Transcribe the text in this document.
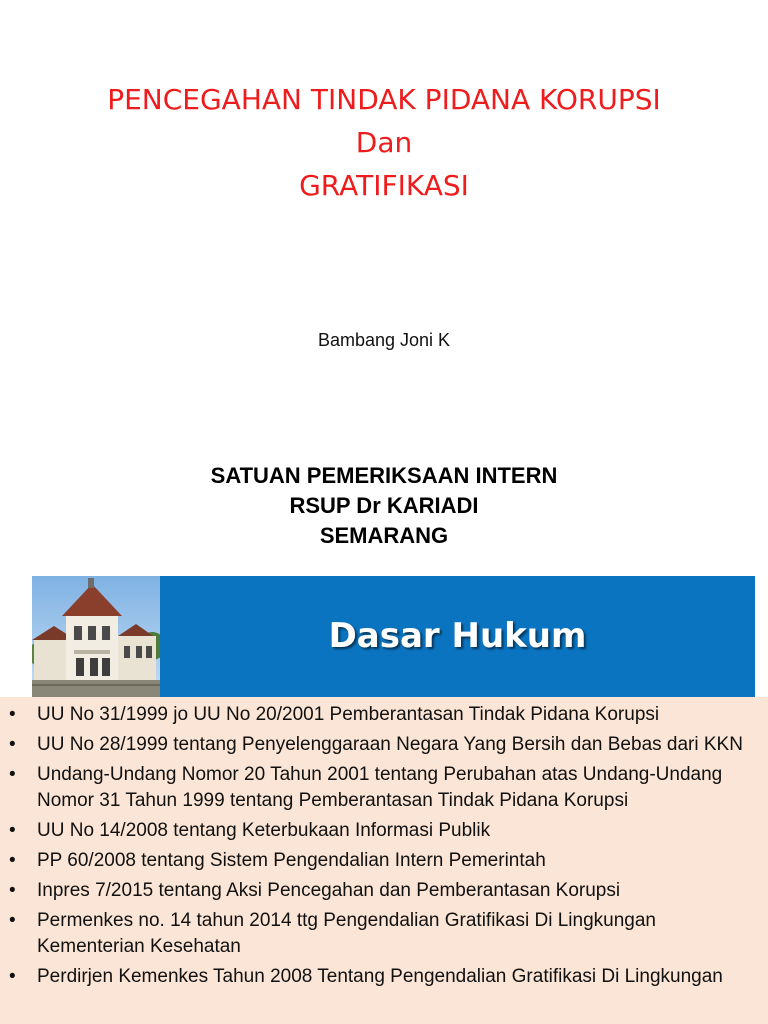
PENCEGAHAN TINDAK PIDANA KORUPSI
Dan
GRATIFIKASI
Bambang Joni K
SATUAN PEMERIKSAAN INTERN
RSUP Dr KARIADI
SEMARANG
Dasar Hukum
•	UU No 31/1999 jo UU No 20/2001 Pemberantasan Tindak Pidana Korupsi
•	UU No 28/1999 tentang Penyelenggaraan Negara Yang Bersih dan Bebas dari KKN
•	Undang-Undang Nomor 20 Tahun 2001 tentang Perubahan atas Undang-Undang Nomor 31 Tahun 1999 tentang Pemberantasan Tindak Pidana Korupsi
•	UU No 14/2008 tentang Keterbukaan Informasi Publik
•	PP 60/2008 tentang Sistem Pengendalian Intern Pemerintah
•	Inpres 7/2015 tentang Aksi Pencegahan dan Pemberantasan Korupsi
•	Permenkes no. 14 tahun 2014 ttg Pengendalian Gratifikasi Di Lingkungan Kementerian Kesehatan
•	Perdirjen Kemenkes Tahun 2008 Tentang Pengendalian Gratifikasi Di Lingkungan
